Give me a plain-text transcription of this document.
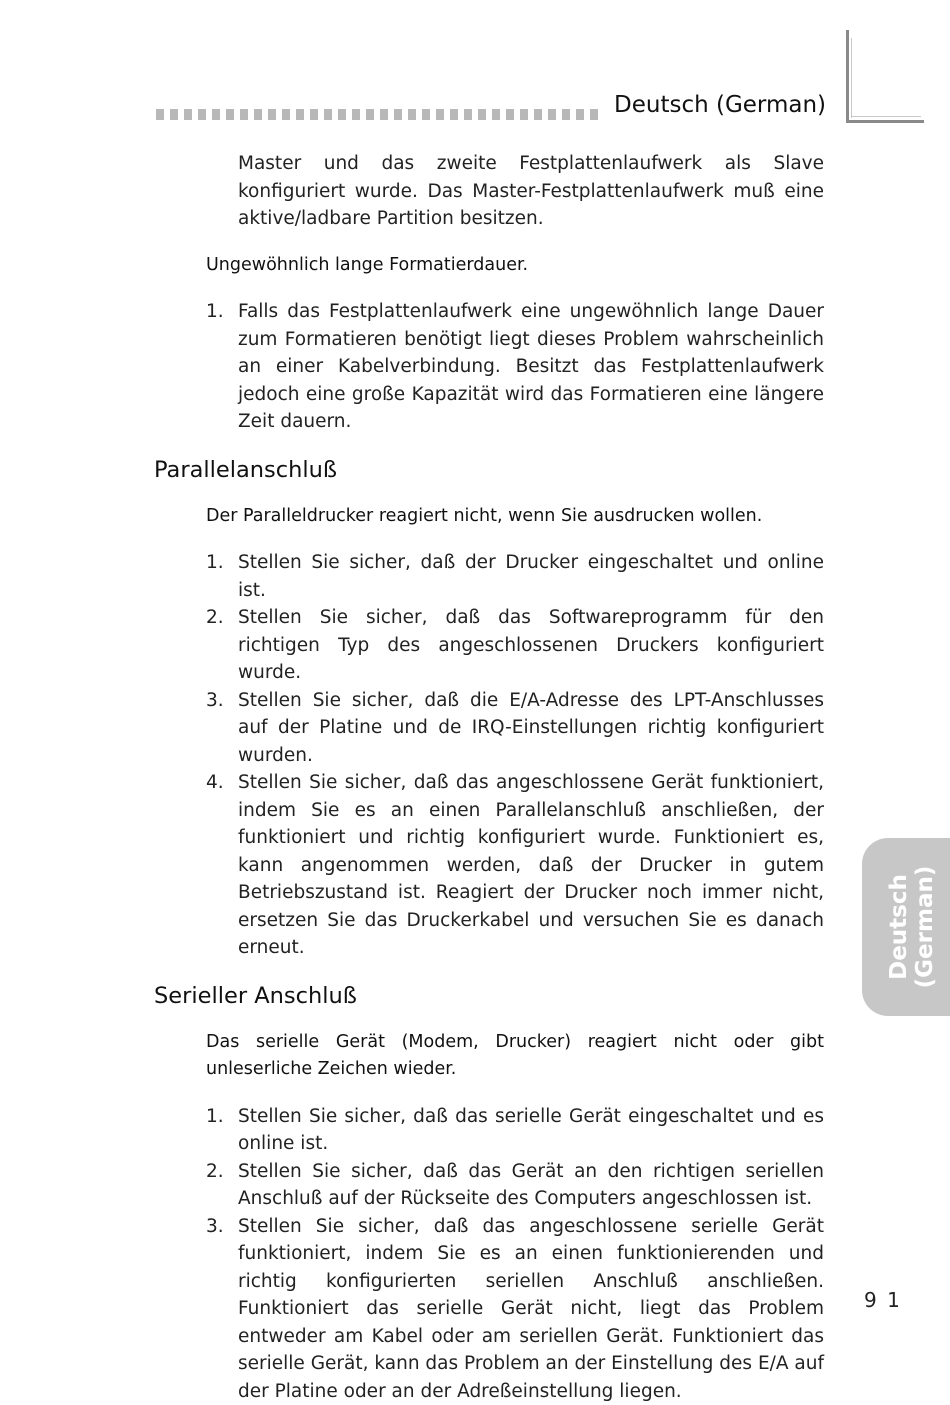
Deutsch (German)

Master und das zweite Festplattenlaufwerk als Slave konfiguriert wurde. Das Master-Festplattenlaufwerk muß eine aktive/ladbare Partition besitzen.

Ungewöhnlich lange Formatierdauer.

1. Falls das Festplattenlaufwerk eine ungewöhnlich lange Dauer zum Formatieren benötigt liegt dieses Problem wahrscheinlich an einer Kabelverbindung. Besitzt das Festplattenlaufwerk jedoch eine große Kapazität wird das Formatieren eine längere Zeit dauern.
Parallelanschluß

Der Paralleldrucker reagiert nicht, wenn Sie ausdrucken wollen.

1. Stellen Sie sicher, daß der Drucker eingeschaltet und online ist.
2. Stellen Sie sicher, daß das Softwareprogramm für den richtigen Typ des angeschlossenen Druckers konfiguriert wurde.
3. Stellen Sie sicher, daß die E/A-Adresse des LPT-Anschlusses auf der Platine und de IRQ-Einstellungen richtig konfiguriert wurden.
4. Stellen Sie sicher, daß das angeschlossene Gerät funktioniert, indem Sie es an einen Parallelanschluß anschließen, der funktioniert und richtig konfiguriert wurde. Funktioniert es, kann angenommen werden, daß der Drucker in gutem Betriebszustand ist. Reagiert der Drucker noch immer nicht, ersetzen Sie das Druckerkabel und versuchen Sie es danach erneut.
Serieller Anschluß

Das serielle Gerät (Modem, Drucker) reagiert nicht oder gibt unleserliche Zeichen wieder.

1. Stellen Sie sicher, daß das serielle Gerät eingeschaltet und es online ist.
2. Stellen Sie sicher, daß das Gerät an den richtigen seriellen Anschluß auf der Rückseite des Computers angeschlossen ist.
3. Stellen Sie sicher, daß das angeschlossene serielle Gerät funktioniert, indem Sie es an einen funktionierenden und richtig konfigurierten seriellen Anschluß anschließen. Funktioniert das serielle Gerät nicht, liegt das Problem entweder am Kabel oder am seriellen Gerät. Funktioniert das serielle Gerät, kann das Problem an der Einstellung des E/A auf der Platine oder an der Adreßeinstellung liegen.
Deutsch (German)
9 1
